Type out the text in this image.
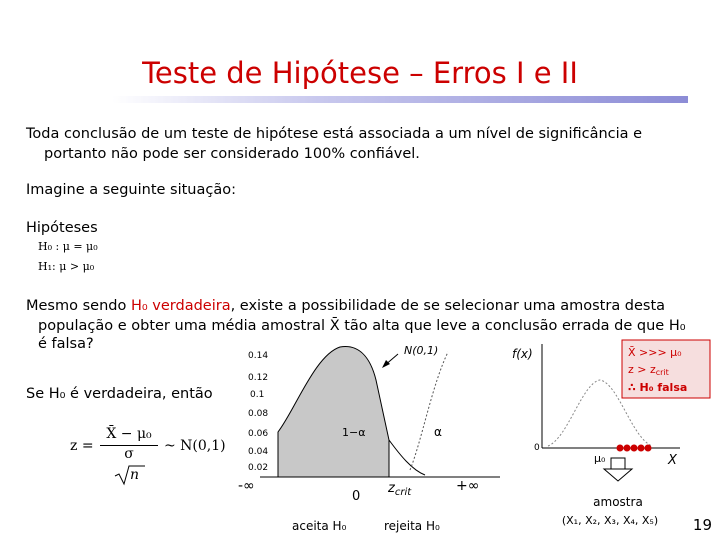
Teste de Hipótese – Erros I e II
Toda conclusão de um teste de hipótese está associada a um nível de significância e
portanto não pode ser considerado 100% confiável.
Imagine a seguinte situação:
Hipóteses
H₀ : μ = μ₀
H₁: μ > μ₀
Mesmo sendo H₀ verdadeira, existe a possibilidade de se selecionar uma amostra desta
população e obter uma média amostral X̄ tão alta que leve a conclusão errada de que H₀
é falsa?
Se H₀ é verdadeira, então
z =
X̄ − μ₀
σ
n
~ N(0,1)
0.14
0.12
0.1
0.08
0.06
0.04
0.02
N(0,1)
1−α	α
-∞
0
$z_{crit}$	+∞
aceita H₀	rejeita H₀
f(x)
0
μ₀	X
amostra
(X₁, X₂, X₃, X₄, X₅)
X̄ >>> μ₀
z > zcrit
∴ H₀ falsa
19
